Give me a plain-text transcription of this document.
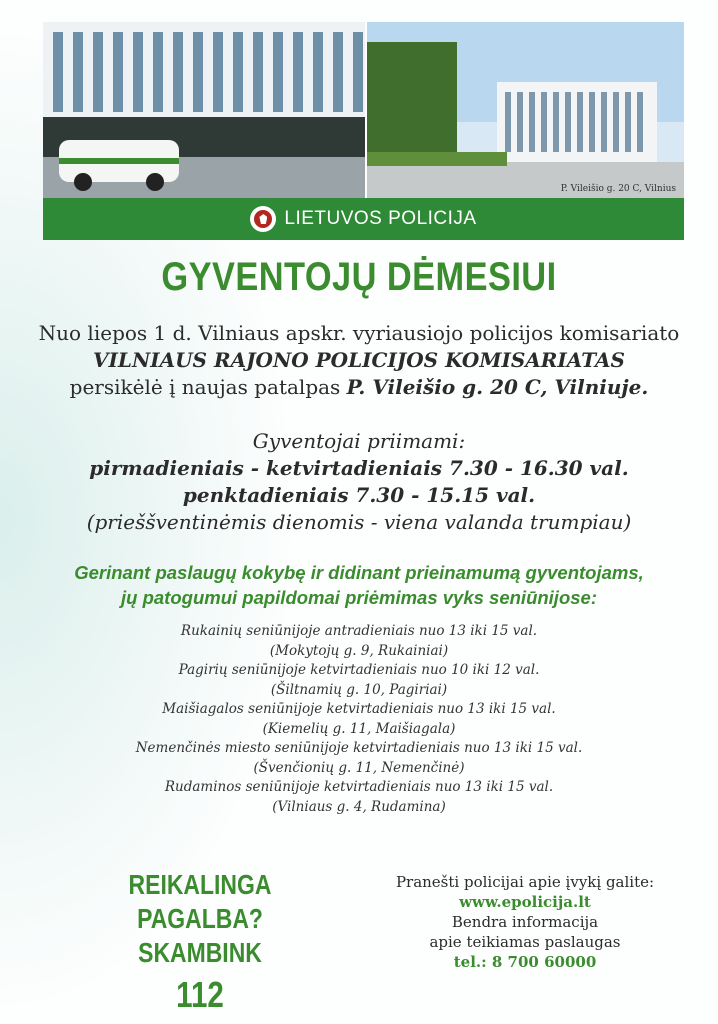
P. Vileišio g. 20 C, Vilnius
LIETUVOS POLICIJA
GYVENTOJŲ DĖMESIUI
Nuo liepos 1 d. Vilniaus apskr. vyriausiojo policijos komisariato
VILNIAUS RAJONO POLICIJOS KOMISARIATAS
persikėlė į naujas patalpas P. Vileišio g. 20 C, Vilniuje.
Gyventojai priimami:
pirmadieniais - ketvirtadieniais 7.30 - 16.30 val.
penktadieniais 7.30 - 15.15 val.
(prieššventinėmis dienomis - viena valanda trumpiau)
Gerinant paslaugų kokybę ir didinant prieinamumą gyventojams,
jų patogumui papildomai priėmimas vyks seniūnijose:
Rukainių seniūnijoje antradieniais nuo 13 iki 15 val.
(Mokytojų g. 9, Rukainiai)
Pagirių seniūnijoje ketvirtadieniais nuo 10 iki 12 val.
(Šiltnamių g. 10, Pagiriai)
Maišiagalos seniūnijoje ketvirtadieniais nuo 13 iki 15 val.
(Kiemelių g. 11, Maišiagala)
Nemenčinės miesto seniūnijoje ketvirtadieniais nuo 13 iki 15 val.
(Švenčionių g. 11, Nemenčinė)
Rudaminos seniūnijoje ketvirtadieniais nuo 13 iki 15 val.
(Vilniaus g. 4, Rudamina)
REIKALINGA PAGALBA?
SKAMBINK
112
Pranešti policijai apie įvykį galite:
www.epolicija.lt
Bendra informacija
apie teikiamas paslaugas
tel.: 8 700 60000
